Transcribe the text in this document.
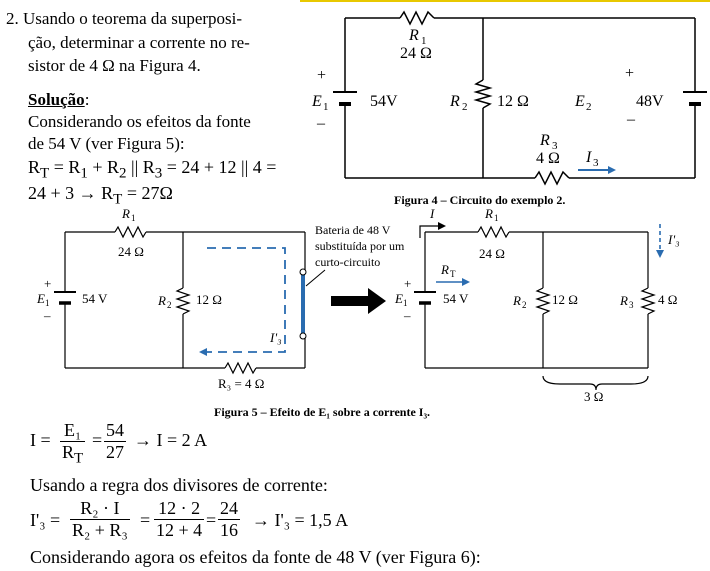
2. Usando o teorema da superposi-
ção, determinar a corrente no re-
sistor de 4 Ω na Figura 4.
Solução:
Considerando os efeitos da fonte
de 54 V (ver Figura 5):
$R_T = R_1 + R_2$ || $R_3 = 24 + 12$ || 4 =
$24 + 3 \to R_T = 27\Omega$
R 1
24 Ω
R 2 12 Ω
R 3
4 Ω
E 1	54V
+
–
E 2	48V
+
–
I 3
Figura 4 – Circuito do exemplo 2.
R 1
24 Ω
E 1
+
–
54 V	R 2 12 Ω
I'₃
R₃ = 4 Ω
Bateria de 48 V
substituída por um
curto-circuito
I	R 1
24 Ω
R T
E 1
+
–
54 V	R 2 12 Ω	R 3 4 Ω
I'₃
3 Ω
Figura 5 – Efeito de E₁ sobre a corrente I₃.
$I = \frac{\text{E₁}}{R_T} = \frac{54}{27} \to I = 2$ A
Usando a regra dos divisores de corrente:
$I'_3 = \frac{\text{R₂ · I}}{\text{R₂ + R₃}} = \frac{12 \cdot 2}{12 + 4} = \frac{24}{16} \to I'_3 = 1,5$ A
Considerando agora os efeitos da fonte de 48 V (ver Figura 6):
